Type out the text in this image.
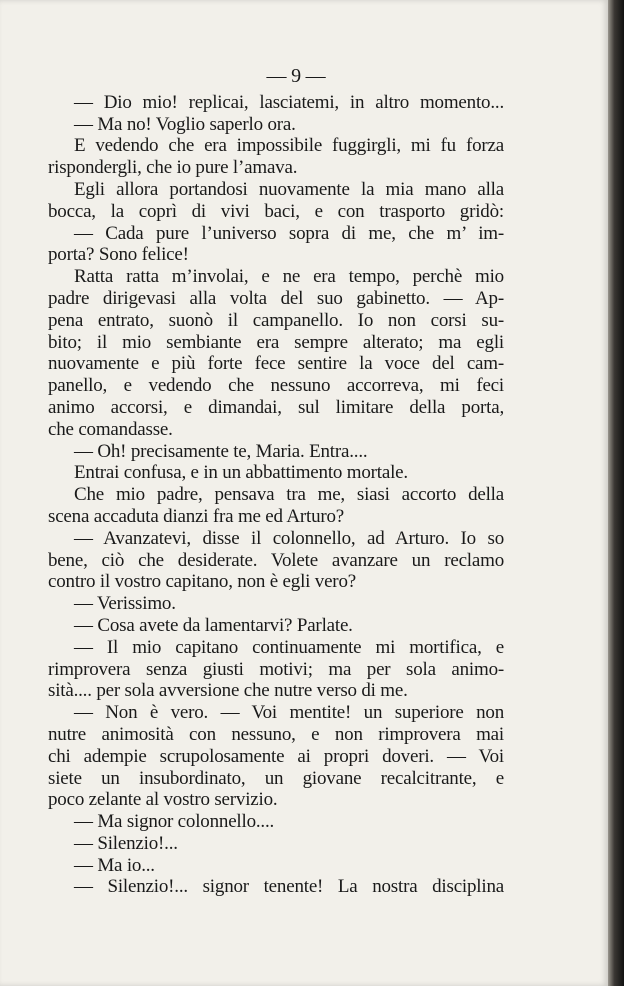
— 9 —
— Dio mio! replicai, lasciatemi, in altro momento...
— Ma no! Voglio saperlo ora.
E vedendo che era impossibile fuggirgli, mi fu forza
rispondergli, che io pure l’amava.
Egli allora portandosi nuovamente la mia mano alla
bocca, la coprì di vivi baci, e con trasporto gridò:
— Cada pure l’universo sopra di me, che m’ im-
porta? Sono felice!
Ratta ratta m’involai, e ne era tempo, perchè mio
padre dirigevasi alla volta del suo gabinetto. — Ap-
pena entrato, suonò il campanello. Io non corsi su-
bito; il mio sembiante era sempre alterato; ma egli
nuovamente e più forte fece sentire la voce del cam-
panello, e vedendo che nessuno accorreva, mi feci
animo accorsi, e dimandai, sul limitare della porta,
che comandasse.
— Oh! precisamente te, Maria. Entra....
Entrai confusa, e in un abbattimento mortale.
Che mio padre, pensava tra me, siasi accorto della
scena accaduta dianzi fra me ed Arturo?
— Avanzatevi, disse il colonnello, ad Arturo. Io so
bene, ciò che desiderate. Volete avanzare un reclamo
contro il vostro capitano, non è egli vero?
— Verissimo.
— Cosa avete da lamentarvi? Parlate.
— Il mio capitano continuamente mi mortifica, e
rimprovera senza giusti motivi; ma per sola animo-
sità.... per sola avversione che nutre verso di me.
— Non è vero. — Voi mentite! un superiore non
nutre animosità con nessuno, e non rimprovera mai
chi adempie scrupolosamente ai propri doveri. — Voi
siete un insubordinato, un giovane recalcitrante, e
poco zelante al vostro servizio.
— Ma signor colonnello....
— Silenzio!...
— Ma io...
— Silenzio!... signor tenente! La nostra disciplina
